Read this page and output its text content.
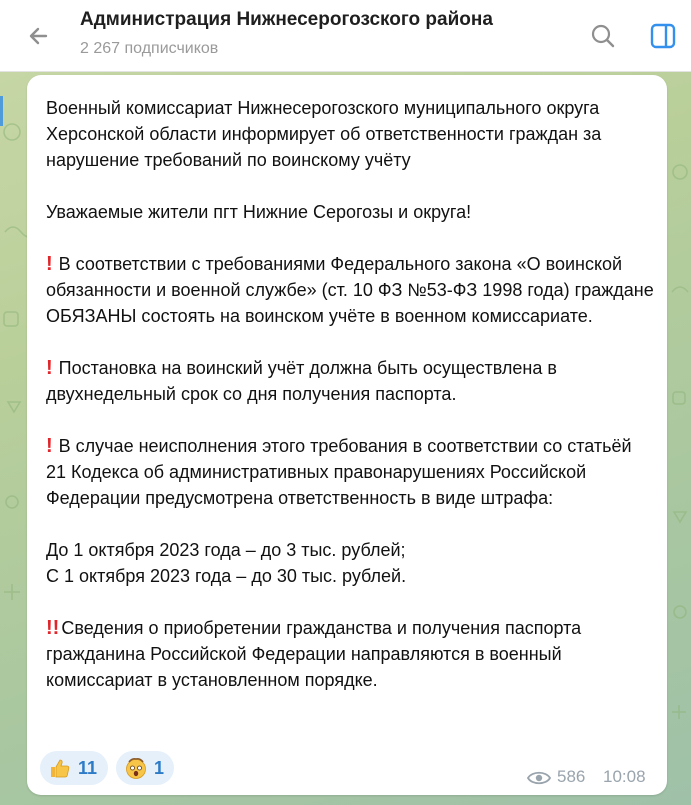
Администрация Нижнесерогозского района
2 267 подписчиков

Военный комиссариат Нижнесерогозского муниципального округа Херсонской области информирует об ответственности граждан за нарушение требований по воинскому учёту

Уважаемые жители пгт Нижние Серогозы и округа!

! В соответствии с требованиями Федерального закона «О воинской обязанности и военной службе» (ст. 10 ФЗ №53-ФЗ 1998 года) граждане ОБЯЗАНЫ состоять на воинском учёте в военном комиссариате.

! Постановка на воинский учёт должна быть осуществлена в двухнедельный срок со дня получения паспорта.

! В случае неисполнения этого требования в соответствии со статьёй 21 Кодекса об административных правонарушениях Российской Федерации предусмотрена ответственность в виде штрафа:

До 1 октября 2023 года – до 3 тыс. рублей;

С 1 октября 2023 года – до 30 тыс. рублей.

!! Сведения о приобретении гражданства и получения паспорта гражданина Российской Федерации направляются в военный комиссариат в установленном порядке.

11	1	586 10:08
